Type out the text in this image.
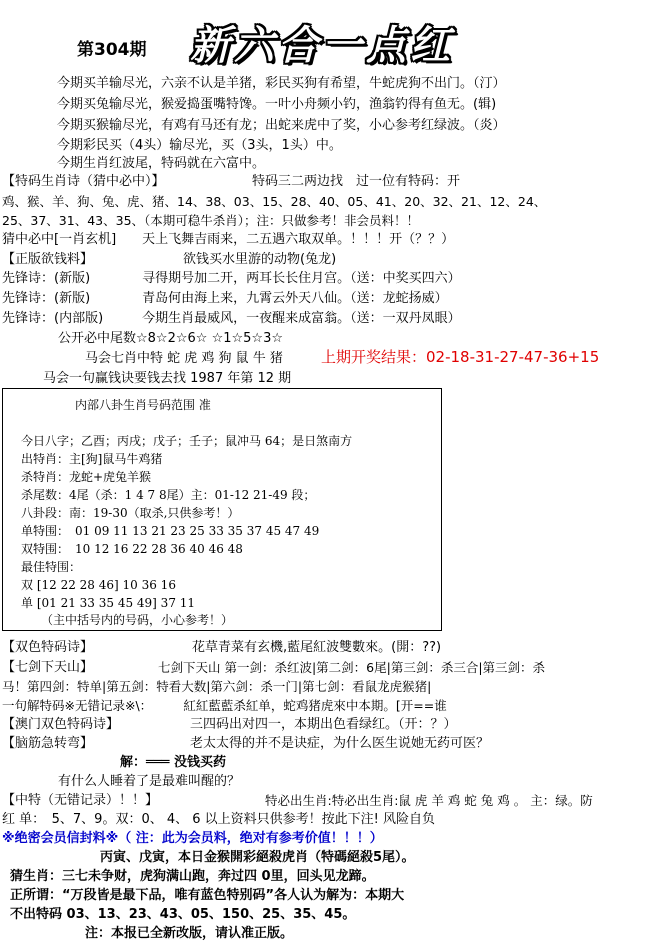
第304期 新六合一点红
今期买羊输尽光，六亲不认是羊猪，彩民买狗有希望，牛蛇虎狗不出门。（汀）
今期买兔输尽光，猴爱捣蛋嘴特馋。一叶小舟频小钓，渔翁钓得有鱼无。(辑)
今期买猴输尽光，有鸡有马还有龙；出蛇来虎中了奖，小心参考红绿波。（炎）
今期彩民买（4头）输尽光，买（3头，1头）中。
今期生肖红波尾，特码就在六富中。
【特码生肖诗（猜中必中）】	特码三二两边找　过一位有特码：开
鸡、猴、羊、狗、兔、虎、猪、14、38、03、15、28、40、05、41、20、32、21、12、24、
25、37、31、43、35、（本期可稳牛杀肖）；注：只做参考！非会员料！！
猜中必中[一肖玄机]　　天上飞舞吉雨来，二五遇六取双单。！！！开（？？）
【正版欲钱料】	欲钱买水里游的动物(兔龙)
先锋诗：(新版)　　　　寻得期号加二开，两耳长长住月宫。（送：中奖买四六）
先锋诗：(新版)　　　　青岛何由海上来，九霄云外天八仙。（送：龙蛇扬威）
先锋诗：(内部版)　　　今期生肖最威风，一夜醒来成富翁。（送：一双丹凤眼）
公开必中尾数☆8☆2☆6☆ ☆1☆5☆3☆
马会七肖中特 蛇 虎 鸡 狗 鼠 牛 猪	上期开奖结果：02-18-31-27-47-36+15
马会一句赢钱诀要钱去找 1987 年第 12 期
内部八卦生肖号码范围 准
今日八字；乙酉；丙戌；戊子；壬子；鼠冲马 64；是日煞南方
出特肖：主[狗]鼠马牛鸡猪
杀特肖：龙蛇+虎兔羊猴
杀尾数：4尾（杀：1 4 7 8尾）主：01-12 21-49 段；
八卦段：南：19-30（取杀,只供参考！）
单特围：　01 09 11 13 21 23 25 33 35 37 45 47 49
双特围：　10 12 16 22 28 36 40 46 48
最佳特围：
双 [12 22 28 46] 10 36 16
单 [01 21 33 35 45 49] 37 11
（主中括号内的号码，小心参考！）
【双色特码诗】	花草青菜有玄機,藍尾紅波雙數來。(開：??)
【七剑下天山】	七剑下天山 第一剑：杀红波|第二剑：6尾|第三剑：杀三合|第三剑：杀
马！第四剑：特单|第五剑：特看大数|第六剑：杀一门|第七剑：看鼠龙虎猴猪|
一句解特码※无错记录※\：　　　紅紅藍藍杀紅单，蛇鸡猪虎來中本期。[开==谁
【澳门双色特码诗】	三四码出对四一，本期出色看绿红。（开：？）
【脑筋急转弯】	老太太得的并不是诀症，为什么医生说她无药可医？
解：═══ 没钱买药
有什么人睡着了是最难叫醒的？
【中特（无错记录）！！】	特必出生肖:特必出生肖:鼠 虎 羊 鸡 蛇 兔 鸡 。 主：绿。防
红 单：　5、7、9。双：0、 4、 6 以上资料只供参考！按此下注! 风险自负
※绝密会员信封料※（ 注：此为会员料，绝对有参考价值！！！）
丙寅、戊寅，本日金猴開彩絕殺虎肖（特碼絕殺5尾）。
猜生肖：三七未争财，虎狗满山跑，奔过四 0里，回头见龙蹄。
正所谓：“万段皆是最下品，唯有蓝色特别码”各人认为解为：本期大
不出特码 03、13、23、43、05、150、25、35、45。
注：本报已全新改版，请认准正版。
